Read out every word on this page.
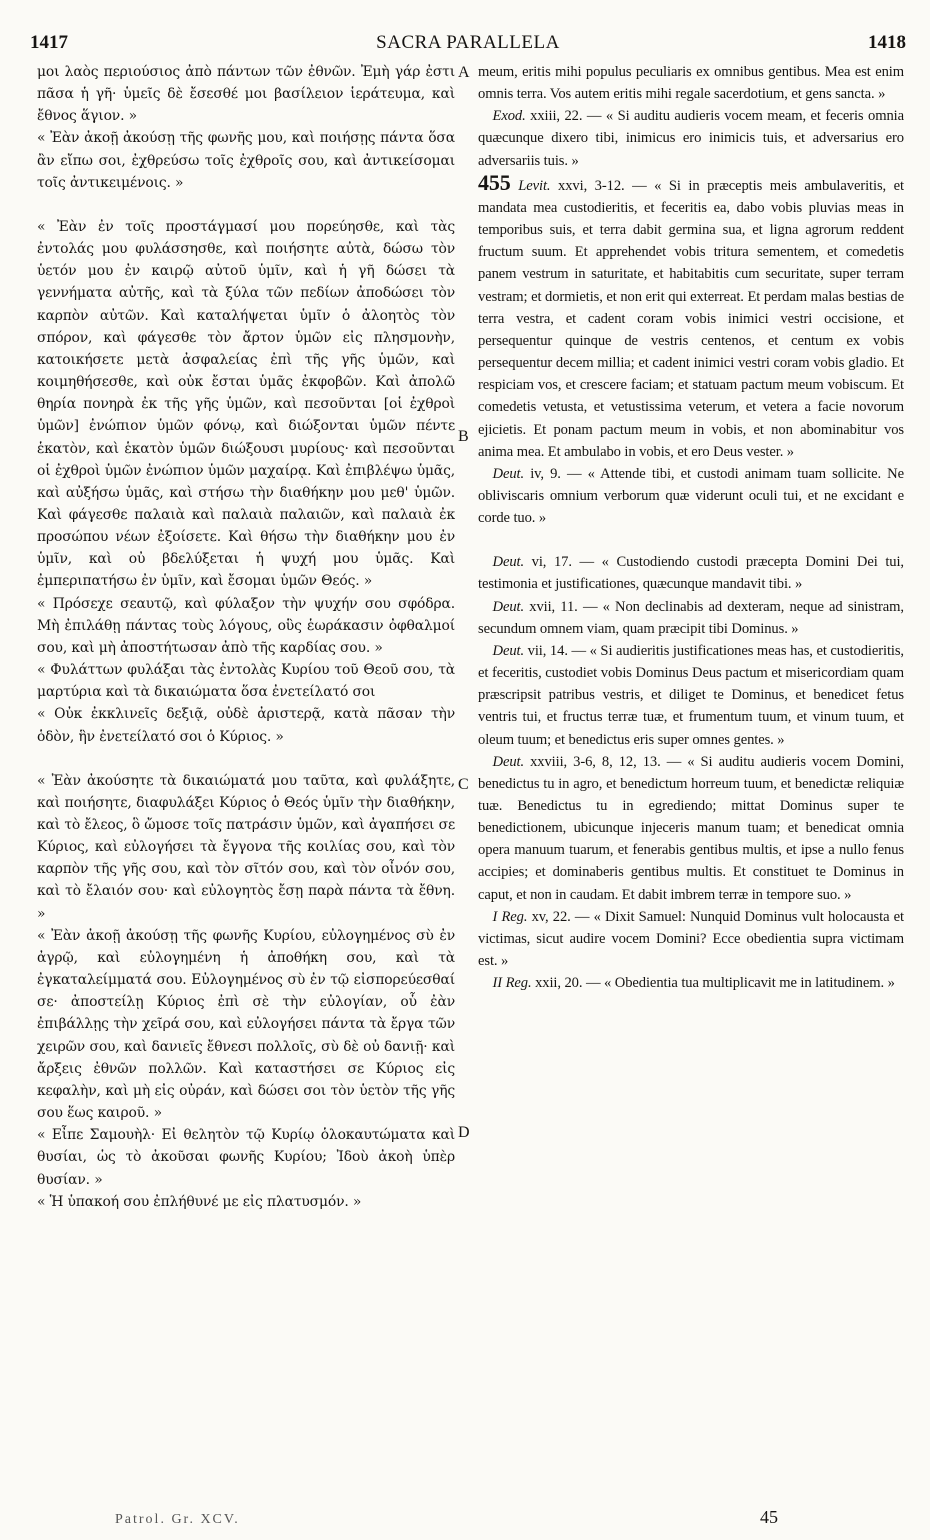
1417	SACRA PARALLELA	1418

μοι λαὸς περιούσιος ἀπὸ πάντων τῶν ἐθνῶν. Ἐμὴ γάρ ἐστι πᾶσα ἡ γῆ· ὑμεῖς δὲ ἔσεσθέ μοι βασίλειον ἱεράτευμα, καὶ ἔθνος ἅγιον. »

« Ἐὰν ἀκοῇ ἀκούσῃ τῆς φωνῆς μου, καὶ ποιήσῃς πάντα ὅσα ἂν εἴπω σοι, ἐχθρεύσω τοῖς ἐχθροῖς σου, καὶ ἀντικείσομαι τοῖς ἀντικειμένοις. »

« Ἐὰν ἐν τοῖς προστάγμασί μου πορεύησθε, καὶ τὰς ἐντολάς μου φυλάσσησθε, καὶ ποιήσητε αὐτὰ, δώσω τὸν ὑετόν μου ἐν καιρῷ αὐτοῦ ὑμῖν, καὶ ἡ γῆ δώσει τὰ γεννήματα αὐτῆς, καὶ τὰ ξύλα τῶν πεδίων ἀποδώσει τὸν καρπὸν αὐτῶν. Καὶ καταλήψεται ὑμῖν ὁ ἀλοητὸς τὸν σπόρον, καὶ φάγεσθε τὸν ἄρτον ὑμῶν εἰς πλησμονὴν, κατοικήσετε μετὰ ἀσφαλείας ἐπὶ τῆς γῆς ὑμῶν, καὶ κοιμηθήσεσθε, καὶ οὐκ ἔσται ὑμᾶς ἐκφοβῶν. Καὶ ἀπολῶ θηρία πονηρὰ ἐκ τῆς γῆς ὑμῶν, καὶ πεσοῦνται [οἱ ἐχθροὶ ὑμῶν] ἐνώπιον ὑμῶν φόνῳ, καὶ διώξονται ὑμῶν πέντε ἑκατὸν, καὶ ἑκατὸν ὑμῶν διώξουσι μυρίους· καὶ πεσοῦνται οἱ ἐχθροὶ ὑμῶν ἐνώπιον ὑμῶν μαχαίρᾳ. Καὶ ἐπιβλέψω ὑμᾶς, καὶ αὐξήσω ὑμᾶς, καὶ στήσω τὴν διαθήκην μου μεθ' ὑμῶν. Καὶ φάγεσθε παλαιὰ καὶ παλαιὰ παλαιῶν, καὶ παλαιὰ ἐκ προσώπου νέων ἐξοίσετε. Καὶ θήσω τὴν διαθήκην μου ἐν ὑμῖν, καὶ οὐ βδελύξεται ἡ ψυχή μου ὑμᾶς. Καὶ ἐμπεριπατήσω ἐν ὑμῖν, καὶ ἔσομαι ὑμῶν Θεός. »

« Πρόσεχε σεαυτῷ, καὶ φύλαξον τὴν ψυχήν σου σφόδρα. Μὴ ἐπιλάθῃ πάντας τοὺς λόγους, οὓς ἑωράκασιν ὀφθαλμοί σου, καὶ μὴ ἀποστήτωσαν ἀπὸ τῆς καρδίας σου. »

« Φυλάττων φυλάξαι τὰς ἐντολὰς Κυρίου τοῦ Θεοῦ σου, τὰ μαρτύρια καὶ τὰ δικαιώματα ὅσα ἐνετείλατό σοι

« Οὐκ ἐκκλινεῖς δεξιᾷ, οὐδὲ ἀριστερᾷ, κατὰ πᾶσαν τὴν ὁδὸν, ἣν ἐνετείλατό σοι ὁ Κύριος. »

« Ἐὰν ἀκούσητε τὰ δικαιώματά μου ταῦτα, καὶ φυλάξητε, καὶ ποιήσητε, διαφυλάξει Κύριος ὁ Θεός ὑμῖν τὴν διαθήκην, καὶ τὸ ἔλεος, ὃ ὤμοσε τοῖς πατράσιν ὑμῶν, καὶ ἀγαπήσει σε Κύριος, καὶ εὐλογήσει τὰ ἔγγονα τῆς κοιλίας σου, καὶ τὸν καρπὸν τῆς γῆς σου, καὶ τὸν σῖτόν σου, καὶ τὸν οἶνόν σου, καὶ τὸ ἔλαιόν σου· καὶ εὐλογητὸς ἔσῃ παρὰ πάντα τὰ ἔθνη. »

« Ἐὰν ἀκοῇ ἀκούσῃ τῆς φωνῆς Κυρίου, εὐλογημένος σὺ ἐν ἀγρῷ, καὶ εὐλογημένη ἡ ἀποθήκη σου, καὶ τὰ ἐγκαταλείμματά σου. Εὐλογημένος σὺ ἐν τῷ εἰσπορεύεσθαί σε· ἀποστείλῃ Κύριος ἐπὶ σὲ τὴν εὐλογίαν, οὗ ἐὰν ἐπιβάλλῃς τὴν χεῖρά σου, καὶ εὐλογήσει πάντα τὰ ἔργα τῶν χειρῶν σου, καὶ δανιεῖς ἔθνεσι πολλοῖς, σὺ δὲ οὐ δανιῇ· καὶ ἄρξεις ἐθνῶν πολλῶν. Καὶ καταστήσει σε Κύριος εἰς κεφαλὴν, καὶ μὴ εἰς οὐράν, καὶ δώσει σοι τὸν ὑετὸν τῆς γῆς σου ἕως καιροῦ. »

« Εἶπε Σαμουὴλ· Εἰ θελητὸν τῷ Κυρίῳ ὁλοκαυτώματα καὶ θυσίαι, ὡς τὸ ἀκοῦσαι φωνῆς Κυρίου; Ἰδοὺ ἀκοὴ ὑπὲρ θυσίαν. »

« Ἡ ὑπακοή σου ἐπλήθυνέ με εἰς πλατυσμόν. »

A
B
C
D

meum, eritis mihi populus peculiaris ex omnibus gentibus. Mea est enim omnis terra. Vos autem eritis mihi regale sacerdotium, et gens sancta. »

 Exod. xxiii, 22. — « Si auditu audieris vocem meam, et feceris omnia quæcunque dixero tibi, inimicus ero inimicis tuis, et adversarius ero adversariis tuis. »

455 Levit. xxvi, 3-12. — « Si in præceptis meis ambulaveritis, et mandata mea custodieritis, et feceritis ea, dabo vobis pluvias meas in temporibus suis, et terra dabit germina sua, et ligna agrorum reddent fructum suum. Et apprehendet vobis tritura sementem, et comedetis panem vestrum in saturitate, et habitabitis cum securitate, super terram vestram; et dormietis, et non erit qui exterreat. Et perdam malas bestias de terra vestra, et cadent coram vobis inimici vestri occisione, et persequentur quinque de vestris centenos, et centum ex vobis persequentur decem millia; et cadent inimici vestri coram vobis gladio. Et respiciam vos, et crescere faciam; et statuam pactum meum vobiscum. Et comedetis vetusta, et vetustissima veterum, et vetera a facie novorum ejicietis. Et ponam pactum meum in vobis, et non abominabitur vos anima mea. Et ambulabo in vobis, et ero Deus vester. »

 Deut. iv, 9. — « Attende tibi, et custodi animam tuam sollicite. Ne obliviscaris omnium verborum quæ viderunt oculi tui, et ne excidant e corde tuo. »

 Deut. vi, 17. — « Custodiendo custodi præcepta Domini Dei tui, testimonia et justificationes, quæcunque mandavit tibi. »

 Deut. xvii, 11. — « Non declinabis ad dexteram, neque ad sinistram, secundum omnem viam, quam præcipit tibi Dominus. »

 Deut. vii, 14. — « Si audieritis justificationes meas has, et custodieritis, et feceritis, custodiet vobis Dominus Deus pactum et misericordiam quam præscripsit patribus vestris, et diliget te Dominus, et benedicet fetus ventris tui, et fructus terræ tuæ, et frumentum tuum, et vinum tuum, et oleum tuum; et benedictus eris super omnes gentes. »

 Deut. xxviii, 3-6, 8, 12, 13. — « Si auditu audieris vocem Domini, benedictus tu in agro, et benedictum horreum tuum, et benedictæ reliquiæ tuæ. Benedictus tu in egrediendo; mittat Dominus super te benedictionem, ubicunque injeceris manum tuam; et benedicat omnia opera manuum tuarum, et fenerabis gentibus multis, et ipse a nullo fenus accipies; et dominaberis gentibus multis. Et constituet te Dominus in caput, et non in caudam. Et dabit imbrem terræ in tempore suo. »

 I Reg. xv, 22. — « Dixit Samuel: Nunquid Dominus vult holocausta et victimas, sicut audire vocem Domini? Ecce obedientia supra victimam est. »

 II Reg. xxii, 20. — « Obedientia tua multiplicavit me in latitudinem. »

Patrol. Gr. XCV.	45
